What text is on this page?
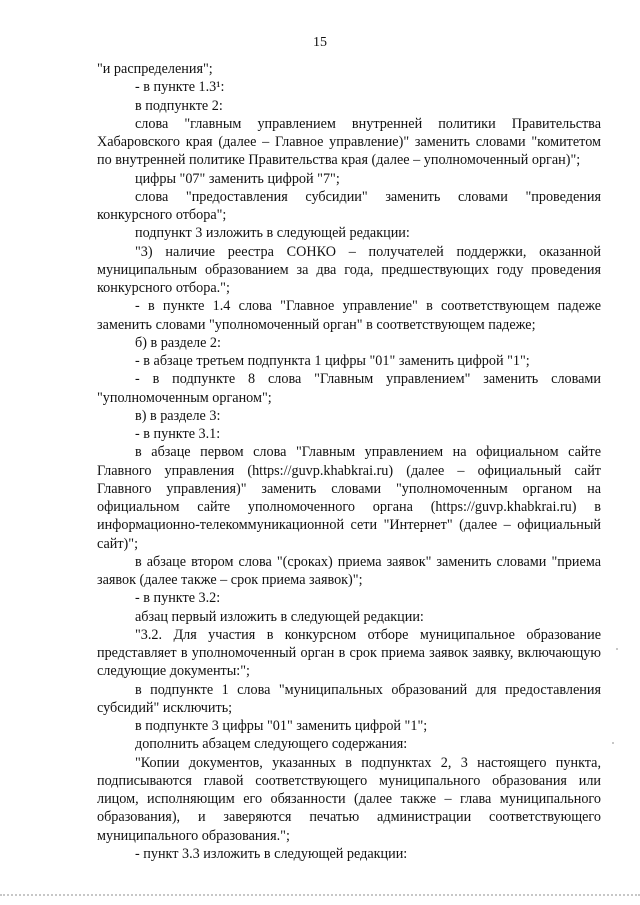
15

"и распределения";

- в пункте 1.3¹:

в подпункте 2:

слова "главным управлением внутренней политики Правительства Хабаровского края (далее – Главное управление)" заменить словами "комитетом по внутренней политике Правительства края (далее – уполномоченный орган)";

цифры "07" заменить цифрой "7";

слова "предоставления субсидии" заменить словами "проведения конкурсного отбора";

подпункт 3 изложить в следующей редакции:

"3) наличие реестра СОНКО – получателей поддержки, оказанной муниципальным образованием за два года, предшествующих году проведения конкурсного отбора.";

- в пункте 1.4 слова "Главное управление" в соответствующем падеже заменить словами "уполномоченный орган" в соответствующем падеже;

б) в разделе 2:

- в абзаце третьем подпункта 1 цифры "01" заменить цифрой "1";

- в подпункте 8 слова "Главным управлением" заменить словами "уполномоченным органом";

в) в разделе 3:

- в пункте 3.1:

в абзаце первом слова "Главным управлением на официальном сайте Главного управления (https://guvp.khabkrai.ru) (далее – официальный сайт Главного управления)" заменить словами "уполномоченным органом на официальном сайте уполномоченного органа (https://guvp.khabkrai.ru) в информационно-телекоммуникационной сети "Интернет" (далее – официальный сайт)";

в абзаце втором слова "(сроках) приема заявок" заменить словами "приема заявок (далее также – срок приема заявок)";

- в пункте 3.2:

абзац первый изложить в следующей редакции:

"3.2. Для участия в конкурсном отборе муниципальное образование представляет в уполномоченный орган в срок приема заявок заявку, включающую следующие документы:";

в подпункте 1 слова "муниципальных образований для предоставления субсидий" исключить;

в подпункте 3 цифры "01" заменить цифрой "1";

дополнить абзацем следующего содержания:

"Копии документов, указанных в подпунктах 2, 3 настоящего пункта, подписываются главой соответствующего муниципального образования или лицом, исполняющим его обязанности (далее также – глава муниципального образования), и заверяются печатью администрации соответствующего муниципального образования.";

- пункт 3.3 изложить в следующей редакции:
